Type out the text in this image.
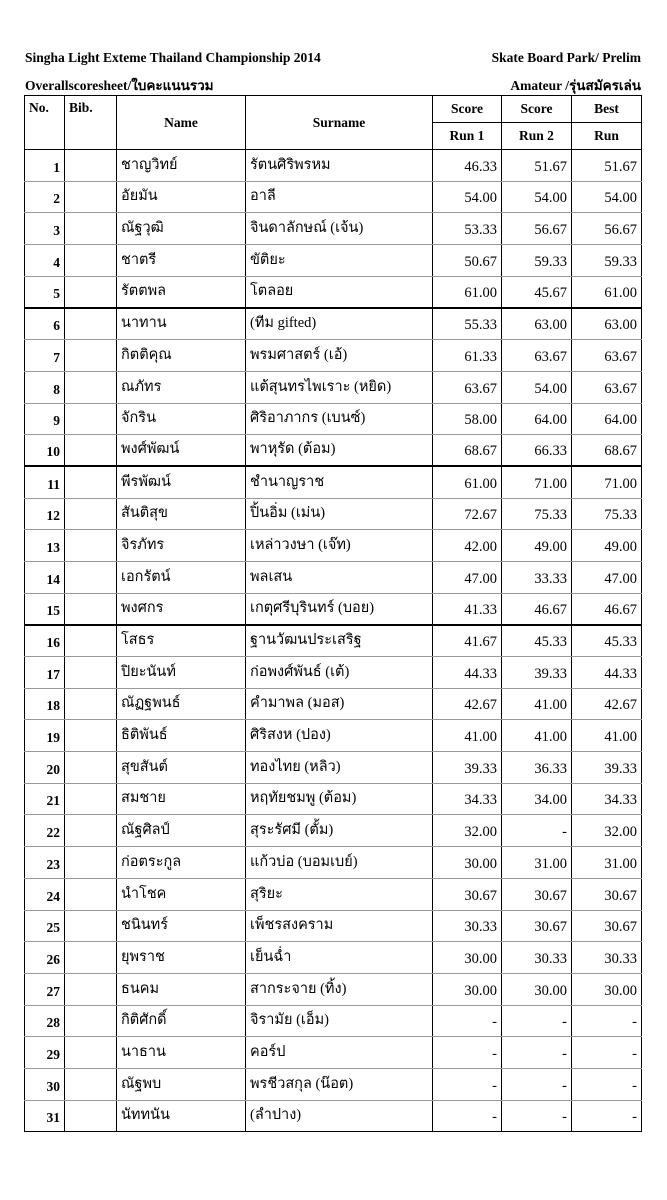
Singha Light Exteme Thailand Championship 2014	Skate Board Park/ Prelim
Overallscoresheet/ใบคะแนนรวม	Amateur /รุ่นสมัครเล่น
No.	Bib.	Name	Surname	Score	Score	Best
				Run 1	Run 2	Run
1		ชาญวิทย์	รัตนศิริพรหม	46.33	51.67	51.67
2		อัยมัน	อาลี	54.00	54.00	54.00
3		ณัฐวุฒิ	จินดาลักษณ์ (เจ้น)	53.33	56.67	56.67
4		ชาตรี	ขัติยะ	50.67	59.33	59.33
5		รัตตพล	โตลอย	61.00	45.67	61.00
6		นาทาน	(ทีม gifted)	55.33	63.00	63.00
7		กิตติคุณ	พรมศาสตร์ (เอ้)	61.33	63.67	63.67
8		ณภัทร	แต้สุนทรไพเราะ (หยิด)	63.67	54.00	63.67
9		จักริน	ศิริอาภากร (เบนซ์)	58.00	64.00	64.00
10		พงศ์พัฒน์	พาหุรัด (ต้อม)	68.67	66.33	68.67
11		พีรพัฒน์	ชำนาญราช	61.00	71.00	71.00
12		สันติสุข	ปิ้นอิ่ม (เม่น)	72.67	75.33	75.33
13		จิรภัทร	เหล่าวงษา (เจ๊ท)	42.00	49.00	49.00
14		เอกรัตน์	พลเสน	47.00	33.33	47.00
15		พงศกร	เกตุศรีบุรินทร์ (บอย)	41.33	46.67	46.67
16		โสธร	ฐานวัฒนประเสริฐ	41.67	45.33	45.33
17		ปิยะนันท์	ก่อพงศ์พันธ์ (เต้)	44.33	39.33	44.33
18		ณัฏฐพนธ์	คำมาพล (มอส)	42.67	41.00	42.67
19		ธิติพันธ์	ศิริสงห (ปอง)	41.00	41.00	41.00
20		สุขสันต์	ทองไทย (หลิว)	39.33	36.33	39.33
21		สมชาย	หฤทัยชมพู (ต้อม)	34.33	34.00	34.33
22		ณัฐศิลป์	สุระรัศมี (ตั้ม)	32.00	-	32.00
23		ก่อตระกูล	แก้วบ่อ (บอมเบย์)	30.00	31.00	31.00
24		นำโชค	สุริยะ	30.67	30.67	30.67
25		ชนินทร์	เพ็ชรสงคราม	30.33	30.67	30.67
26		ยุพราช	เย็นฉ่ำ	30.00	30.33	30.33
27		ธนคม	สากระจาย (ทิ้ง)	30.00	30.00	30.00
28		กิติศักดิ์	จิรามัย (เอ็ม)	-	-	-
29		นาธาน	คอร์ป	-	-	-
30		ณัฐพบ	พรชีวสกุล (น๊อต)	-	-	-
31		นัททนัน	(ลำปาง)	-	-	-
